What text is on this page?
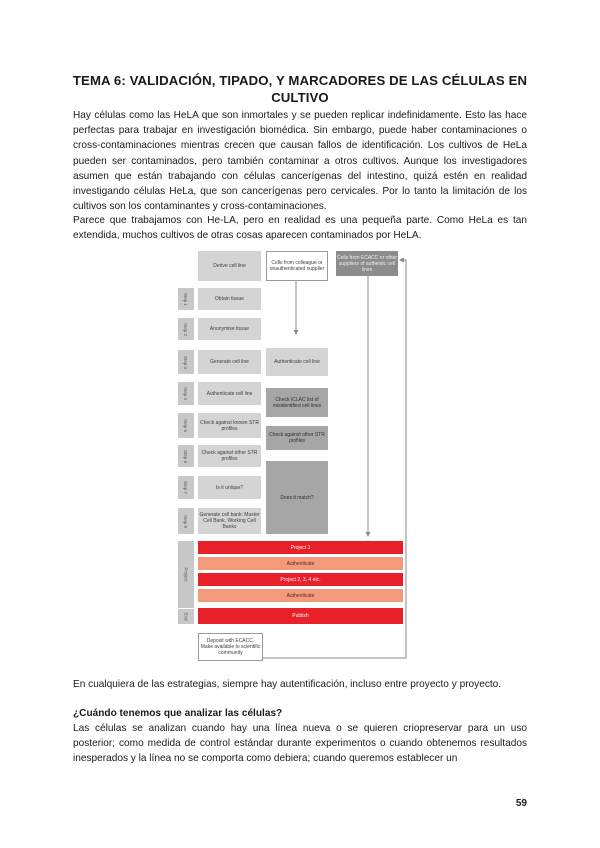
TEMA 6: VALIDACIÓN, TIPADO, Y MARCADORES DE LAS CÉLULAS EN CULTIVO
Hay células como las HeLA que son inmortales y se pueden replicar indefinidamente. Esto las hace perfectas para trabajar en investigación biomédica. Sin embargo, puede haber contaminaciones o cross-contaminaciones mientras crecen que causan fallos de identificación. Los cultivos de HeLa pueden ser contaminados, pero también contaminar a otros cultivos. Aunque los investigadores asumen que están trabajando con células cancerígenas del intestino, quizá estén en realidad investigando células HeLa, que son cancerígenas pero cervicales. Por lo tanto la limitación de los cultivos son los contaminantes y cross-contaminaciones.
Parece que trabajamos con He-LA, pero en realidad es una pequeña parte. Como HeLa es tan extendida, muchos cultivos de otras cosas aparecen contaminados por HeLA.
Derive cell line	Cells from colleague or unauthenticated supplier
Cells from ECACC or other suppliers of authentic cell lines
Step 1
Step 2
Step 3
Step 4
Step 5
Step 6
Step 7
Step 8
Obtain tissue
Anonymise tissue
Generate cell line
Authenticate cell line
Check against known STR profiles
Check against other STR profiles
Is it unique?
Generate cell bank: Master Cell Bank, Working Cell Banks
Authenticate cell line
Check ICLAC list of misidentified cell lines
Check against other STR profiles
Does it match?
Project
End
Project 1
Authenticate
Project 2, 3, 4 etc.
Authenticate
Publish
Deposit with ECACC. Make available to scientific community
En cualquiera de las estrategias, siempre hay autentificación, incluso entre proyecto y proyecto.
¿Cuándo tenemos que analizar las células?
Las células se analizan cuando hay una línea nueva o se quieren criopreservar para un uso posterior; como medida de control estándar durante experimentos o cuando obtenemos resultados inesperados y la línea no se comporta como debiera; cuando queremos establecer un
59
